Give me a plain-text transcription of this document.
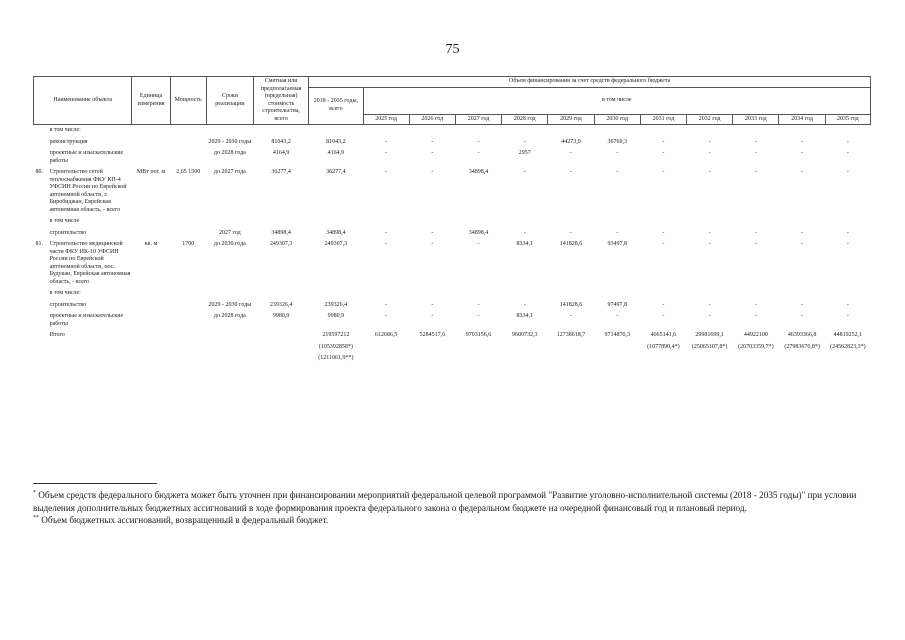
75
Наименование объекта		Единица измерения	Мощность	Сроки реализации	Сметная или предполагаемая (предельная) стоимость строительства, всего	Объем финансирования за счет средств федерального бюджета											
						2018 - 2035 годы, всего	в том числе										
							2025 год	2026 год	2027 год	2028 год	2029 год	2030 год	2031 год	2032 год	2033 год	2034 год	2035 год
	в том числе:																
	реконструкция			2029 - 2030 годы	81043,2	81043,2	-	-	-	-	44273,9	36769,3	-	-	-	-	-
	проектные и изыскательские работы			до 2028 года	4164,9	4164,9	-	-	-	2957	-	-	-	-	-	-	-
80.	Строительство сетей теплоснабжения ФКУ КП-4 УФСИН России по Еврейской автономной области, г. Биробиджан, Еврейская автономная область, - всего	МВт пог. м	2,65 1500	до 2027 года	36277,4	36277,4	-	-	34898,4	-	-	-	-	-	-	-	-
	в том числе																
	строительство			2027 год	34898,4	34898,4	-	-	34898,4	-	-	-	-	-	-	-	-
81.	Строительство медицинской части ФКУ ИК-10 УФСИН России по Еврейской автономной области, пос. Будукан, Еврейская автономная область, - всего	кв. м	1700	до 2030 года	249307,3	249307,3	-	-	-	8334,1	141828,6	93497,8	-	-	-	-	-
	в том числе:																
	строительство			2029 - 2030 годы	239326,4	239326,4	-	-	-	-	141828,6	97497,8	-	-	-	-	-
	проектные и изыскательские работы			до 2028 года	9980,9	9980,9	-	-	-	8334,1	-	-	-	-	-	-	-
	Итого					219597212	612686,5	5284517,6	9703156,6	9600732,3	12738618,7	9714870,3	4065141,6	29981699,1	44922100	46393366,8	44819252,1
						(105392858*)							(1077890,4*)	(25065107,8*)	(26703359,7*)	(27983676,8*)	(24562823,3*)
						(1211061,9**)											

* Объем средств федерального бюджета может быть уточнен при финансировании мероприятий федеральной целевой программой "Развитие уголовно-исполнительной системы (2018 - 2035 годы)" при условии выделения дополнительных бюджетных ассигнований в ходе формирования проекта федерального закона о федеральном бюджете на очередной финансовый год и плановый период.

** Объем бюджетных ассигнований, возвращенный в федеральный бюджет.
